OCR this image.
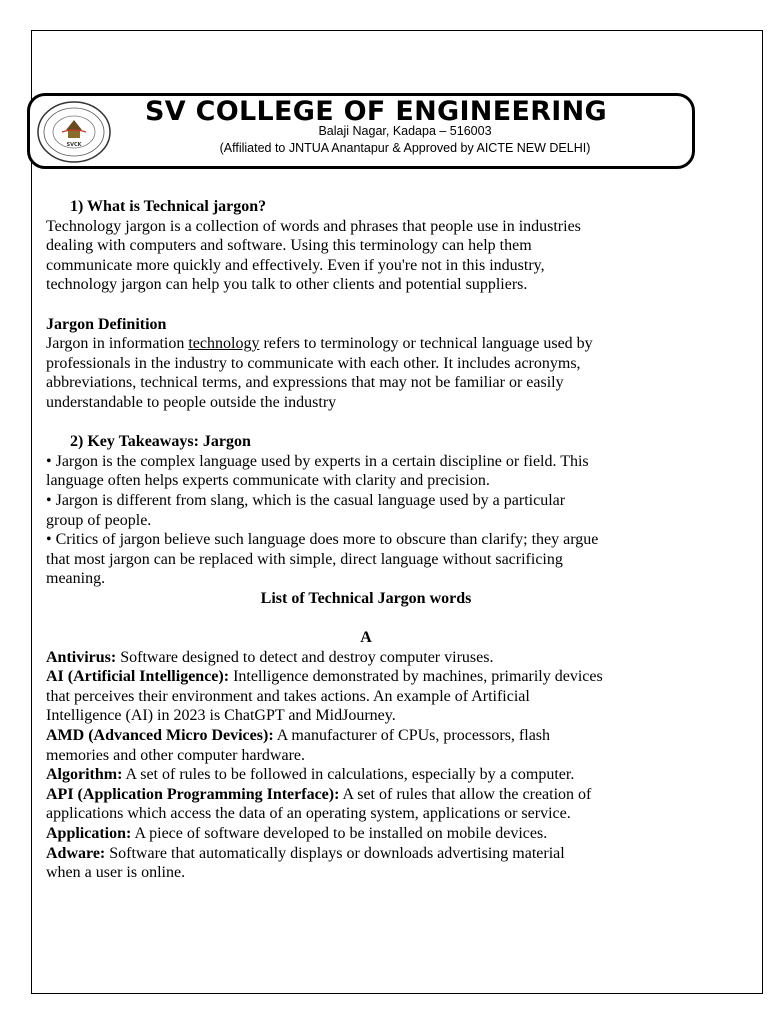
SVCK
SV COLLEGE OF ENGINEERING
Balaji Nagar, Kadapa – 516003
(Affiliated to JNTUA Anantapur & Approved by AICTE NEW DELHI)

1) What is Technical jargon?

Technology jargon is a collection of words and phrases that people use in industries

dealing with computers and software. Using this terminology can help them

communicate more quickly and effectively. Even if you're not in this industry,

technology jargon can help you talk to other clients and potential suppliers.

Jargon Definition

Jargon in information technology refers to terminology or technical language used by

professionals in the industry to communicate with each other. It includes acronyms,

abbreviations, technical terms, and expressions that may not be familiar or easily

understandable to people outside the industry

2) Key Takeaways: Jargon

• Jargon is the complex language used by experts in a certain discipline or field. This

language often helps experts communicate with clarity and precision.

• Jargon is different from slang, which is the casual language used by a particular

group of people.

• Critics of jargon believe such language does more to obscure than clarify; they argue

that most jargon can be replaced with simple, direct language without sacrificing

meaning.

List of Technical Jargon words

A

Antivirus: Software designed to detect and destroy computer viruses.

AI (Artificial Intelligence): Intelligence demonstrated by machines, primarily devices

that perceives their environment and takes actions. An example of Artificial

Intelligence (AI) in 2023 is ChatGPT and MidJourney.

AMD (Advanced Micro Devices): A manufacturer of CPUs, processors, flash

memories and other computer hardware.

Algorithm: A set of rules to be followed in calculations, especially by a computer.

API (Application Programming Interface): A set of rules that allow the creation of

applications which access the data of an operating system, applications or service.

Application: A piece of software developed to be installed on mobile devices.

Adware: Software that automatically displays or downloads advertising material

when a user is online.
